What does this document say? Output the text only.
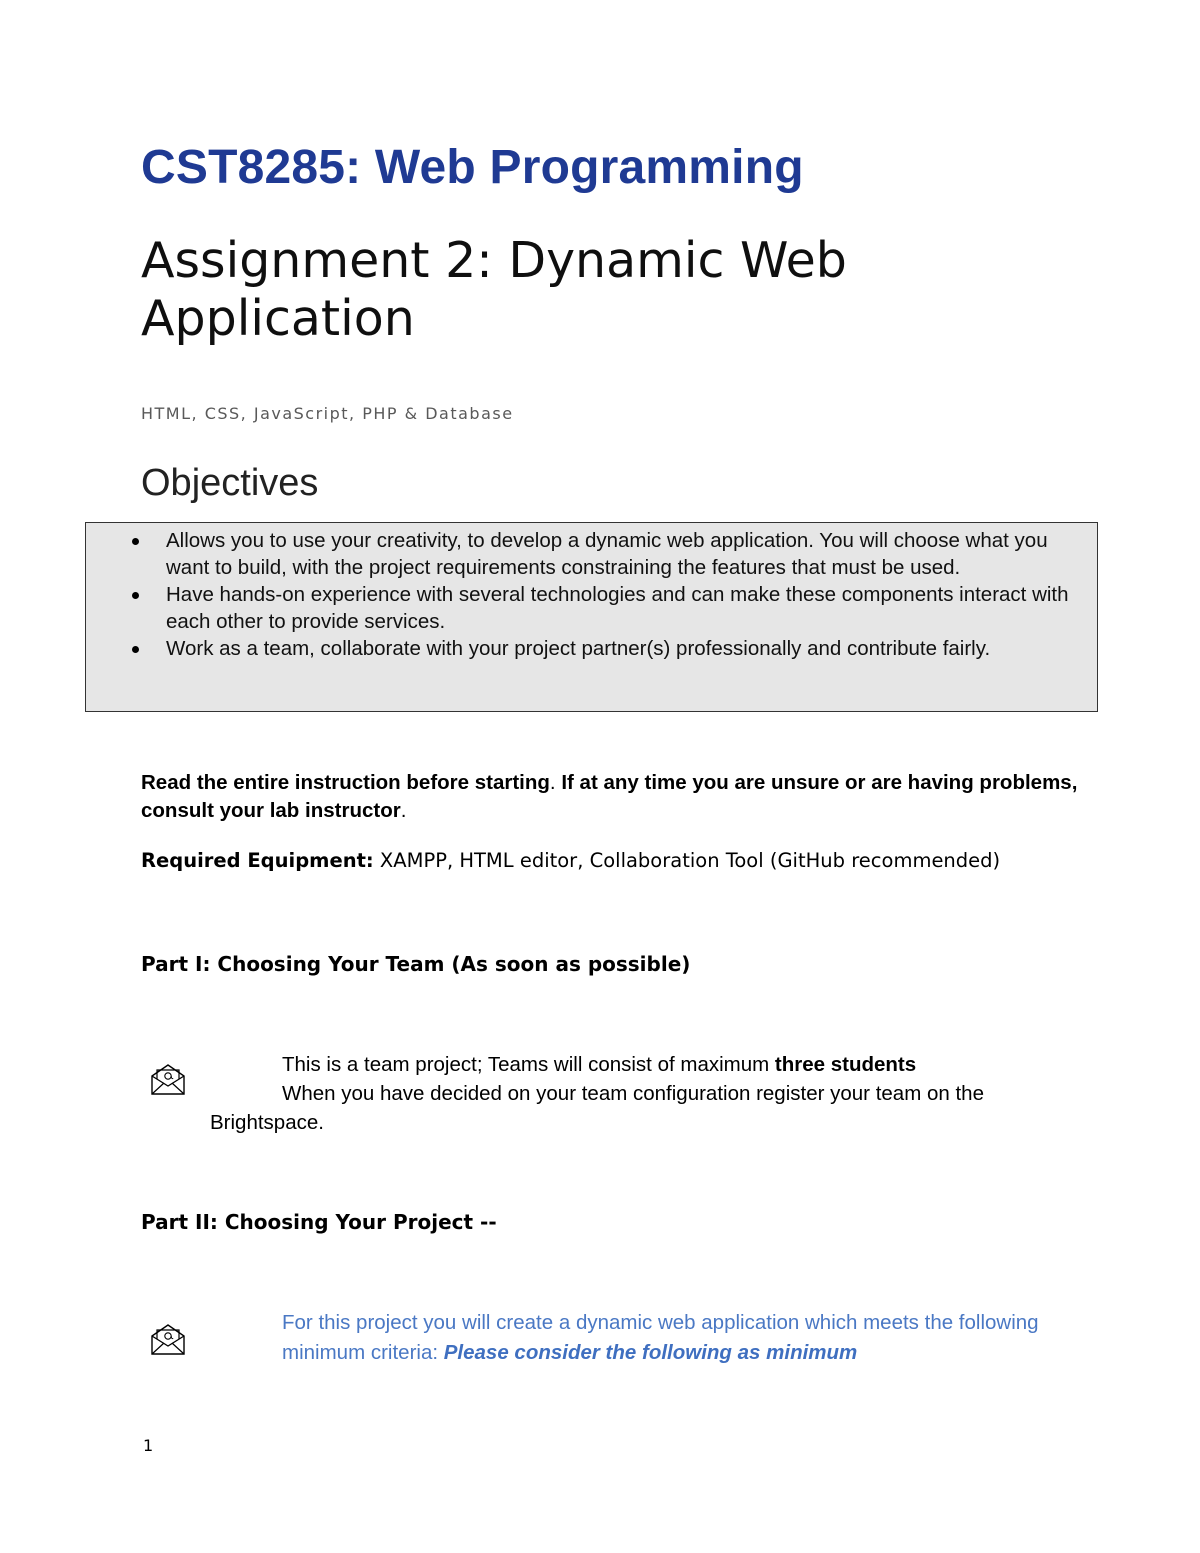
CST8285: Web Programming
Assignment 2: Dynamic Web
Application
HTML, CSS, JavaScript, PHP & Database
Objectives
Allows you to use your creativity, to develop a dynamic web application. You will choose what you want to build, with the project requirements constraining the features that must be used.
Have hands-on experience with several technologies and can make these components interact with each other to provide services.
Work as a team, collaborate with your project partner(s) professionally and contribute fairly.

Read the entire instruction before starting. If at any time you are unsure or are having problems, consult your lab instructor.

Required Equipment: XAMPP, HTML editor, Collaboration Tool (GitHub recommended)

Part I: Choosing Your Team (As soon as possible)
This is a team project; Teams will consist of maximum three students
When you have decided on your team configuration register your team on the Brightspace.
Part II: Choosing Your Project --
For this project you will create a dynamic web application which meets the following minimum criteria: Please consider the following as minimum
1
